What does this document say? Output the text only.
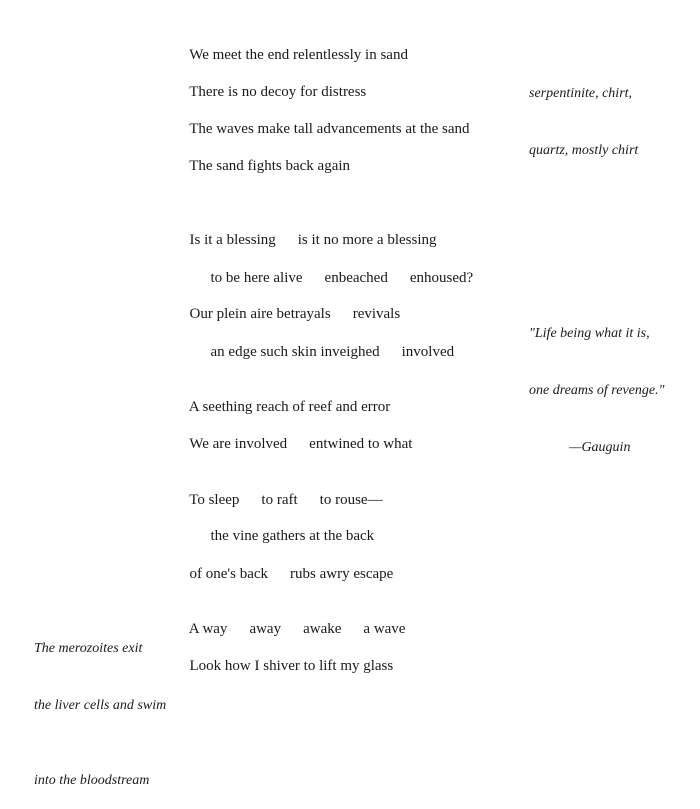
We meet the end relentlessly in sand

There is no decoy for distress

The waves make tall advancements at the sand

The sand fights back again

Is it a blessing is it no more a blessing

to be here alive enbeached enhoused?

Our plein aire betrayals revivals

an edge such skin inveighed involved

A seething reach of reef and error

We are involved entwined to what

To sleep to raft to rouse—

the vine gathers at the back

of one's back rubs awry escape

A way away awake a wave

Look how I shiver to lift my glass

serpentinite, chirt,

quartz, mostly chirt

"Life being what it is,

one dreams of revenge."

—Gauguin

The merozoites exit

the liver cells and swim

into the bloodstream
